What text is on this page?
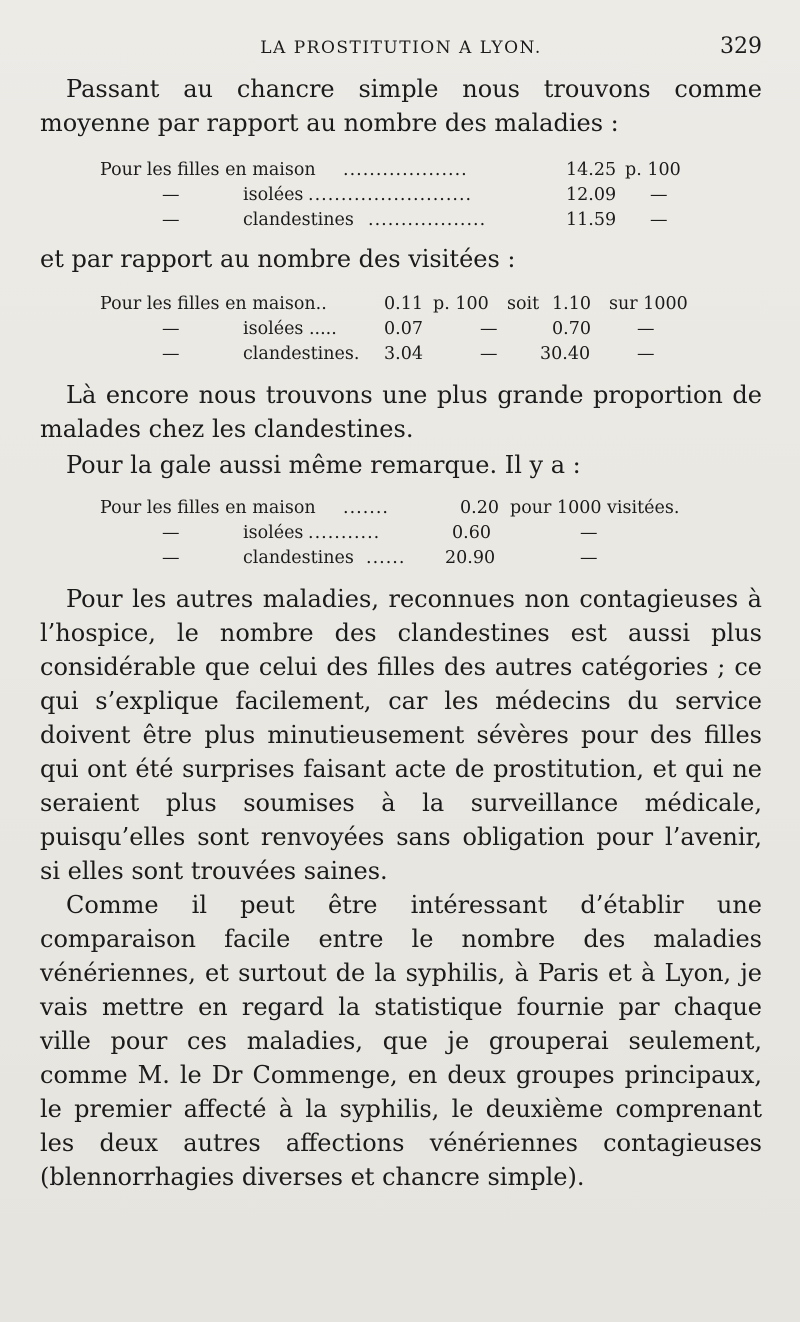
LA PROSTITUTION A LYON.	329

Passant au chancre simple nous trouvons comme moyenne par rapport au nombre des maladies :

Pour les filles en maison ...................	14.25 p. 100
—	isolées .........................	12.09 —
—	clandestines ..................	11.59 —

et par rapport au nombre des visitées :

Pour les filles en maison..	0.11 p. 100 soit 1.10 sur 1000
—	isolées .....	0.07	—	0.70	—
—	clandestines. 3.04	— 30.40	—

Là encore nous trouvons une plus grande proportion de malades chez les clandestines.

Pour la gale aussi même remarque. Il y a :

Pour les filles en maison .......	0.20 pour 1000 visitées.
—	isolées ...........	0.60	—
—	clandestines ...... 20.90	—

Pour les autres maladies, reconnues non contagieuses à l’hospice, le nombre des clandestines est aussi plus considérable que celui des filles des autres catégories ; ce qui s’explique facilement, car les médecins du service doivent être plus minutieusement sévères pour des filles qui ont été surprises faisant acte de prostitution, et qui ne seraient plus soumises à la surveillance médicale, puisqu’elles sont renvoyées sans obligation pour l’avenir, si elles sont trouvées saines.

Comme il peut être intéressant d’établir une comparaison facile entre le nombre des maladies vénériennes, et surtout de la syphilis, à Paris et à Lyon, je vais mettre en regard la statistique fournie par chaque ville pour ces maladies, que je grouperai seulement, comme M. le Dr Commenge, en deux groupes principaux, le premier affecté à la syphilis, le deuxième comprenant les deux autres affections vénériennes contagieuses (blennorrhagies diverses et chancre simple).
